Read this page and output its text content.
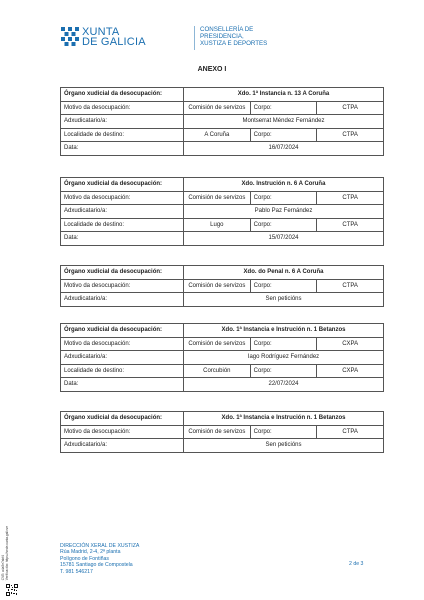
XUNTA
DE GALICIA
CONSELLERÍA DE
PRESIDENCIA,
XUSTIZA E DEPORTES
ANEXO I
Órgano xudicial da desocupación:	Xdo. 1ª Instancia n. 13 A Coruña		
Motivo da desocupación:	Comisión de servizos	Corpo:	CTPA
Adxudicatario/a:	Montserrat Méndez Fernández		
Localidade de destino:	A Coruña	Corpo:	CTPA
Data:	16/07/2024		
Órgano xudicial da desocupación:	Xdo. Instrución n. 6 A Coruña		
Motivo da desocupación:	Comisión de servizos	Corpo:	CTPA
Adxudicatario/a:	Pablo Paz Fernández		
Localidade de destino:	Lugo	Corpo:	CTPA
Data:	15/07/2024		
Órgano xudicial da desocupación:	Xdo. do Penal n. 6 A Coruña		
Motivo da desocupación:	Comisión de servizos	Corpo:	CTPA
Adxudicatario/a:	Sen peticións		
Órgano xudicial da desocupación:	Xdo. 1ª Instancia e Instrución n. 1 Betanzos		
Motivo da desocupación:	Comisión de servizos	Corpo:	CXPA
Adxudicatario/a:	Iago Rodríguez Fernández		
Localidade de destino:	Corcubión	Corpo:	CXPA
Data:	22/07/2024		
Órgano xudicial da desocupación:	Xdo. 1ª Instancia e Instrución n. 1 Betanzos		
Motivo da desocupación:	Comisión de servizos	Corpo:	CTPA
Adxudicatario/a:	Sen peticións		
CVE: a4a5e7abf4 Verificación: https://sede.xunta.gal/cve	DIRECCIÓN XERAL DE XUSTIZA
Rúa Madrid, 2-4, 2ª planta
Polígono de Fontiñas
15781 Santiago de Compostela
T. 981 546217
2 de 3
